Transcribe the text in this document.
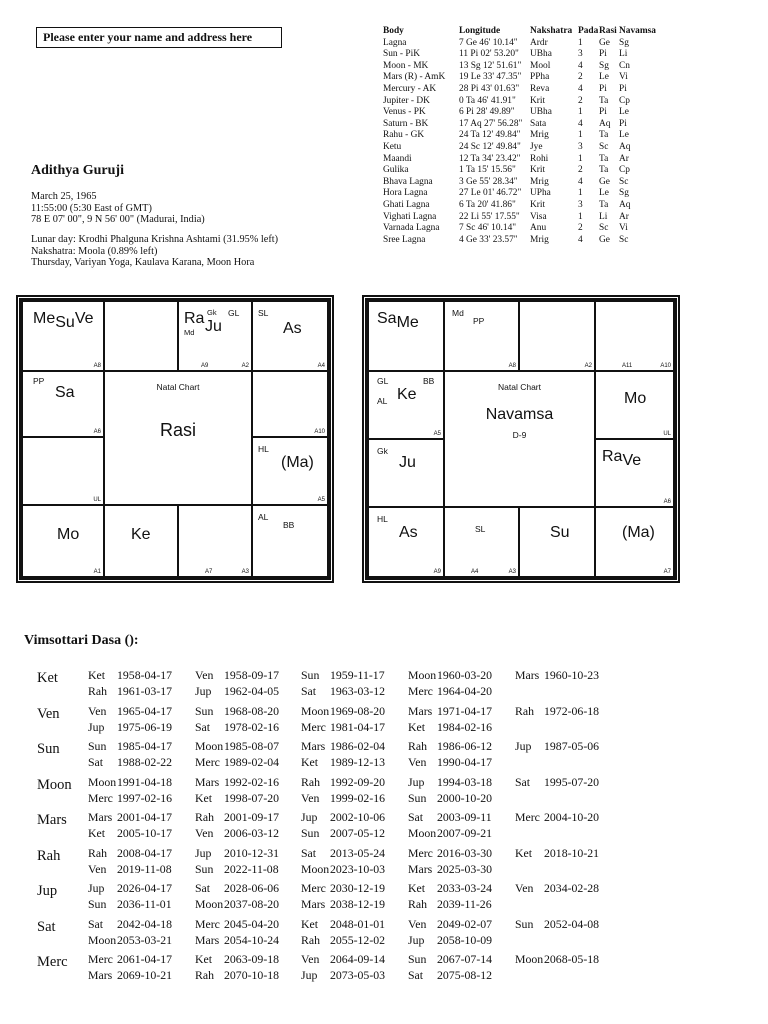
Please enter your name and address here	Body	Longitude	Nakshatra Pada Rasi Navamsa
Lagna	7 Ge 46' 10.14"	Ardr	1	Ge Sg
Sun - PiK	11 Pi 02' 53.20"	UBha	3	Pi	Li
Moon - MK	13 Sg 12' 51.61" Mool	4	Sg	Cn
Mars (R) - AmK	19 Le 33' 47.35" PPha	2	Le	Vi
Mercury - AK	28 Pi 43' 01.63"	Reva	4	Pi	Pi
Jupiter - DK	0 Ta 46' 41.91"	Krit	2	Ta	Cp
Venus - PK	6 Pi 28' 49.89"	UBha	1	Pi	Le
Saturn - BK	17 Aq 27' 56.28" Sata	4	Aq Pi
Rahu - GK	24 Ta 12' 49.84"	Mrig	1	Ta	Le
Ketu	24 Sc 12' 49.84" Jye	3	Sc	Aq
Maandi	12 Ta 34' 23.42"	Rohi	1	Ta	Ar
Gulika	1 Ta 15' 15.56"	Krit	2	Ta	Cp
Bhava Lagna	3 Ge 55' 28.34"	Mrig	4	Ge Sc
Hora Lagna	27 Le 01' 46.72" UPha	1	Le	Sg
Ghati Lagna	6 Ta 20' 41.86"	Krit	3	Ta	Aq
Vighati Lagna	22 Li 55' 17.55"	Visa	1	Li	Ar
Varnada Lagna	7 Sc 46' 10.14"	Anu	2	Sc	Vi
Sree Lagna	4 Ge 33' 23.57"	Mrig	4	Ge Sc
Adithya Guruji
March 25, 1965
11:55:00 (5:30 East of GMT)
78 E 07' 00", 9 N 56' 00" (Madurai, India)
Lunar day: Krodhi Phalguna Krishna Ashtami (31.95% left)
Nakshatra: Moola (0.89% left)
Thursday, Variyan Yoga, Kaulava Karana, Moon Hora
MeSuVe
A8
Ra Gk GL
Md Ju
A9	A2
SL
As
A4
PP
Sa
A6	A10
UL
HL
(Ma)
A5
Mo
A1
Ke
A7	A3
AL
BB
Natal Chart
Rasi
SaMe
Md
PP
A8	A2	A11	A10
GL	BB
AL Ke
A5
Mo
UL
Gk
Ju	RaVe
A6
HL
As
A9
SL
A4	A3
Su	(Ma)
A7
Natal Chart
Navamsa
D-9
Vimsottari Dasa ():
Ket	Ket 1958-04-17 Ven 1958-09-17 Sun 1959-11-17 Moon1960-03-20 Mars 1960-10-23
Rah 1961-03-17 Jup 1962-04-05 Sat 1963-03-12 Merc 1964-04-20
Ven Ven 1965-04-17 Sun 1968-08-20 Moon1969-08-20 Mars 1971-04-17 Rah 1972-06-18
Jup 1975-06-19 Sat 1978-02-16 Merc 1981-04-17 Ket 1984-02-16
Sun Sun 1985-04-17 Moon1985-08-07 Mars 1986-02-04 Rah 1986-06-12 Jup 1987-05-06
Sat 1988-02-22 Merc 1989-02-04 Ket 1989-12-13 Ven 1990-04-17
Moon Moon1991-04-18 Mars 1992-02-16 Rah 1992-09-20 Jup 1994-03-18 Sat 1995-07-20
Merc 1997-02-16 Ket 1998-07-20 Ven 1999-02-16 Sun 2000-10-20
Mars Mars 2001-04-17 Rah 2001-09-17 Jup 2002-10-06 Sat 2003-09-11 Merc 2004-10-20
Ket 2005-10-17 Ven 2006-03-12 Sun 2007-05-12 Moon2007-09-21
Rah Rah 2008-04-17 Jup 2010-12-31 Sat 2013-05-24 Merc 2016-03-30 Ket 2018-10-21
Ven 2019-11-08 Sun 2022-11-08 Moon2023-10-03 Mars 2025-03-30
Jup	Jup 2026-04-17 Sat 2028-06-06 Merc 2030-12-19 Ket 2033-03-24 Ven 2034-02-28
Sun 2036-11-01 Moon2037-08-20 Mars 2038-12-19 Rah 2039-11-26
Sat	Sat 2042-04-18 Merc 2045-04-20 Ket 2048-01-01 Ven 2049-02-07 Sun 2052-04-08
Moon2053-03-21 Mars 2054-10-24 Rah 2055-12-02 Jup 2058-10-09
Merc Merc 2061-04-17 Ket 2063-09-18 Ven 2064-09-14 Sun 2067-07-14 Moon2068-05-18
Mars 2069-10-21 Rah 2070-10-18 Jup 2073-05-03 Sat 2075-08-12
